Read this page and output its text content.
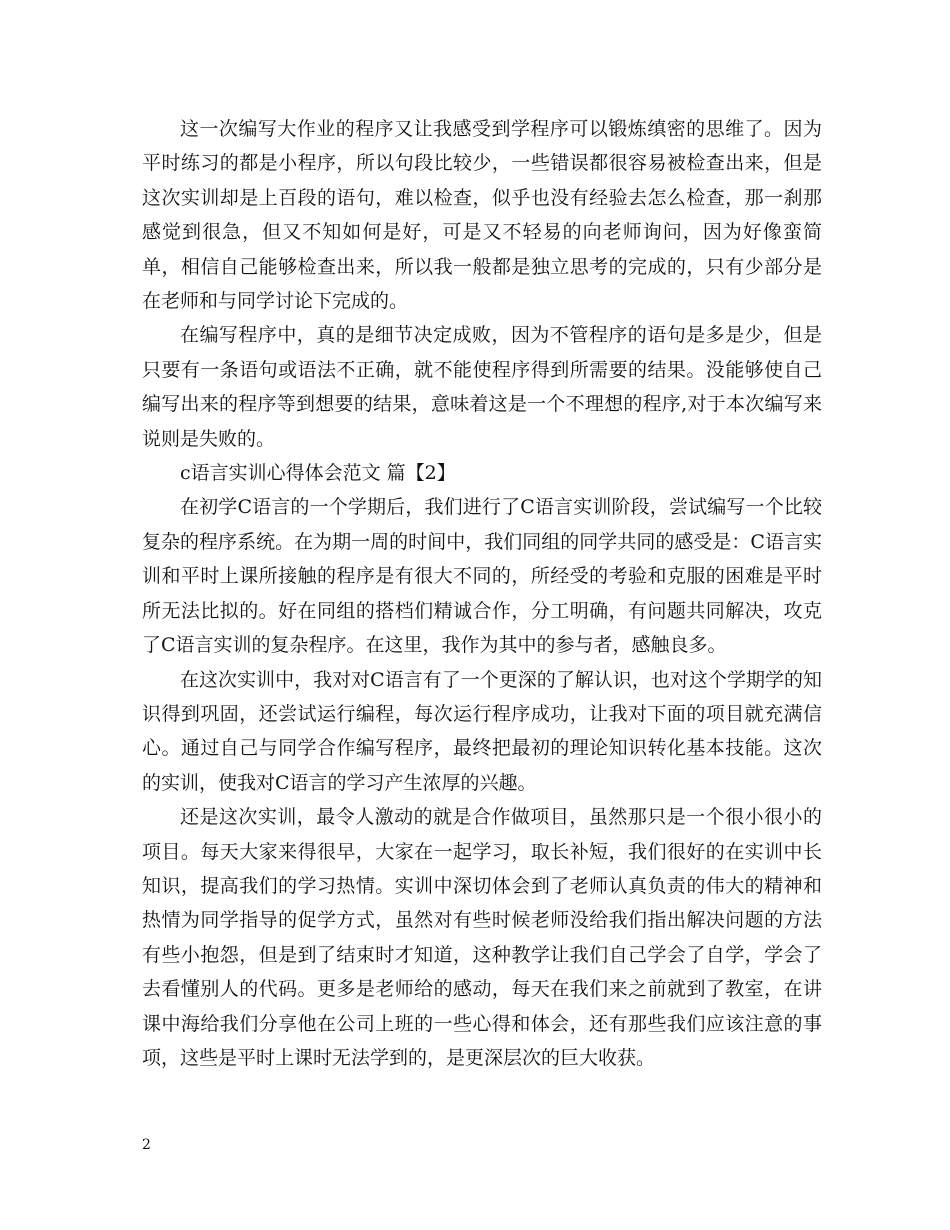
这一次编写大作业的程序又让我感受到学程序可以锻炼缜密的思维了。因为平时练习的都是小程序，所以句段比较少，一些错误都很容易被检查出来，但是这次实训却是上百段的语句，难以检查，似乎也没有经验去怎么检查，那一刹那感觉到很急，但又不知如何是好，可是又不轻易的向老师询问，因为好像蛮简单，相信自己能够检查出来，所以我一般都是独立思考的完成的，只有少部分是在老师和与同学讨论下完成的。

在编写程序中，真的是细节决定成败，因为不管程序的语句是多是少，但是只要有一条语句或语法不正确，就不能使程序得到所需要的结果。没能够使自己编写出来的程序等到想要的结果，意味着这是一个不理想的程序,对于本次编写来说则是失败的。

c语言实训心得体会范文 篇【2】

在初学C语言的一个学期后，我们进行了C语言实训阶段，尝试编写一个比较复杂的程序系统。在为期一周的时间中，我们同组的同学共同的感受是：C语言实训和平时上课所接触的程序是有很大不同的，所经受的考验和克服的困难是平时所无法比拟的。好在同组的搭档们精诚合作，分工明确，有问题共同解决，攻克了C语言实训的复杂程序。在这里，我作为其中的参与者，感触良多。

在这次实训中，我对对C语言有了一个更深的了解认识，也对这个学期学的知识得到巩固，还尝试运行编程，每次运行程序成功，让我对下面的项目就充满信心。通过自己与同学合作编写程序，最终把最初的理论知识转化基本技能。这次的实训，使我对C语言的学习产生浓厚的兴趣。

还是这次实训，最令人激动的就是合作做项目，虽然那只是一个很小很小的项目。每天大家来得很早，大家在一起学习，取长补短，我们很好的在实训中长知识，提高我们的学习热情。实训中深切体会到了老师认真负责的伟大的精神和热情为同学指导的促学方式，虽然对有些时候老师没给我们指出解决问题的方法有些小抱怨，但是到了结束时才知道，这种教学让我们自己学会了自学，学会了去看懂别人的代码。更多是老师给的感动，每天在我们来之前就到了教室，在讲课中海给我们分享他在公司上班的一些心得和体会，还有那些我们应该注意的事项，这些是平时上课时无法学到的，是更深层次的巨大收获。

2
